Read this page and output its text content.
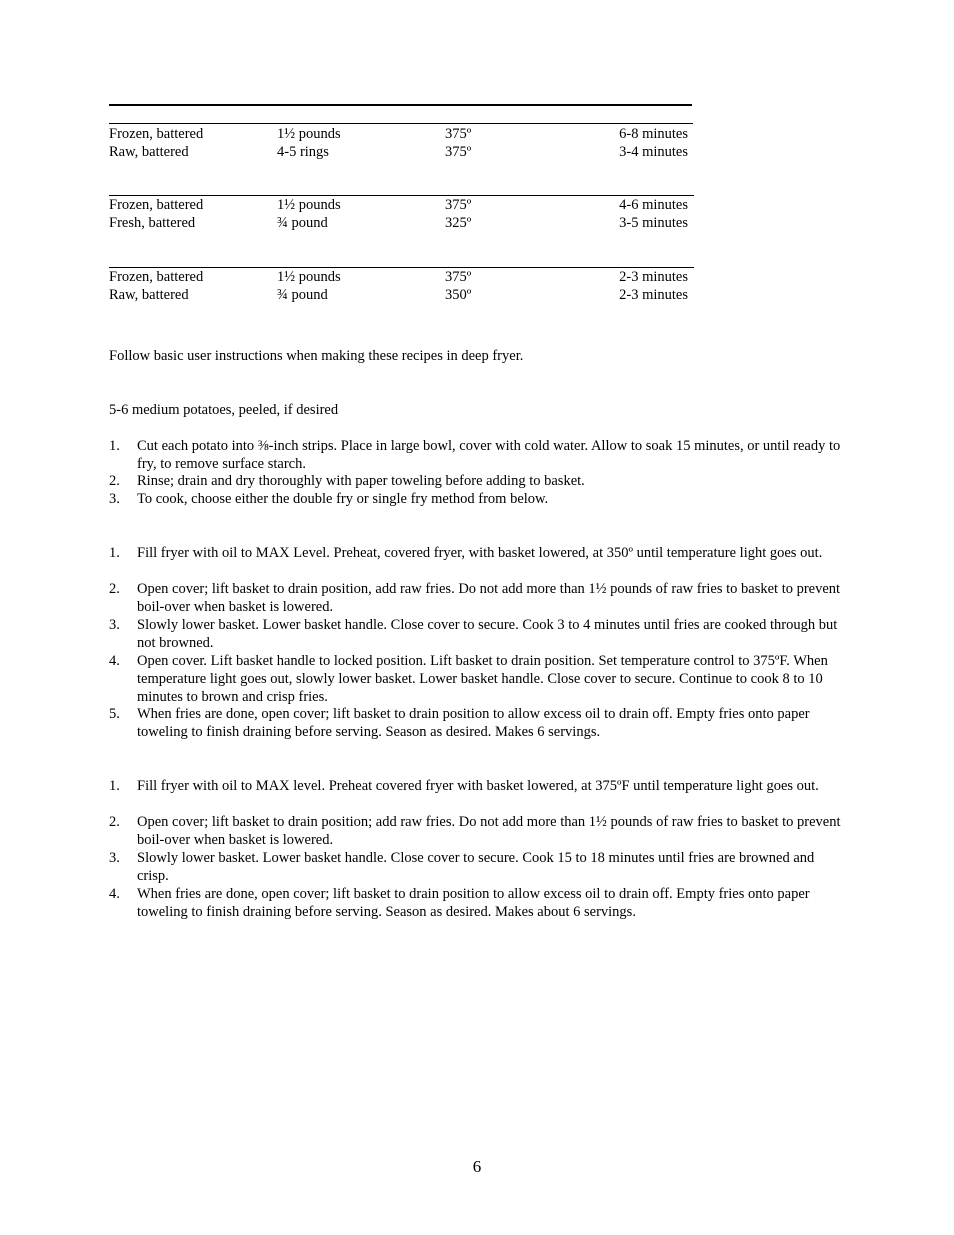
Frozen, battered	1½ pounds	375º	6-8 minutes
Raw, battered	4-5 rings	375º	3-4 minutes
Frozen, battered	1½ pounds	375º	4-6 minutes
Fresh, battered	¾ pound	325º	3-5 minutes
Frozen, battered	1½ pounds	375º	2-3 minutes
Raw, battered	¾ pound	350º	2-3 minutes
Follow basic user instructions when making these recipes in deep fryer.
5-6 medium potatoes, peeled, if desired
1. Cut each potato into ⅜-inch strips. Place in large bowl, cover with cold water. Allow to soak 15 minutes, or until ready to fry, to remove surface starch.
2. Rinse; drain and dry thoroughly with paper toweling before adding to basket.
3. To cook, choose either the double fry or single fry method from below.
1. Fill fryer with oil to MAX Level. Preheat, covered fryer, with basket lowered, at 350º until temperature light goes out.
2. Open cover; lift basket to drain position, add raw fries. Do not add more than 1½ pounds of raw fries to basket to prevent boil-over when basket is lowered.
3. Slowly lower basket. Lower basket handle. Close cover to secure. Cook 3 to 4 minutes until fries are cooked through but not browned.
4. Open cover. Lift basket handle to locked position. Lift basket to drain position. Set temperature control to 375ºF. When temperature light goes out, slowly lower basket. Lower basket handle. Close cover to secure. Continue to cook 8 to 10 minutes to brown and crisp fries.
5. When fries are done, open cover; lift basket to drain position to allow excess oil to drain off. Empty fries onto paper toweling to finish draining before serving. Season as desired. Makes 6 servings.
1. Fill fryer with oil to MAX level. Preheat covered fryer with basket lowered, at 375ºF until temperature light goes out.
2. Open cover; lift basket to drain position; add raw fries. Do not add more than 1½ pounds of raw fries to basket to prevent boil-over when basket is lowered.
3. Slowly lower basket. Lower basket handle. Close cover to secure. Cook 15 to 18 minutes until fries are browned and crisp.
4. When fries are done, open cover; lift basket to drain position to allow excess oil to drain off. Empty fries onto paper toweling to finish draining before serving. Season as desired. Makes about 6 servings.
6
